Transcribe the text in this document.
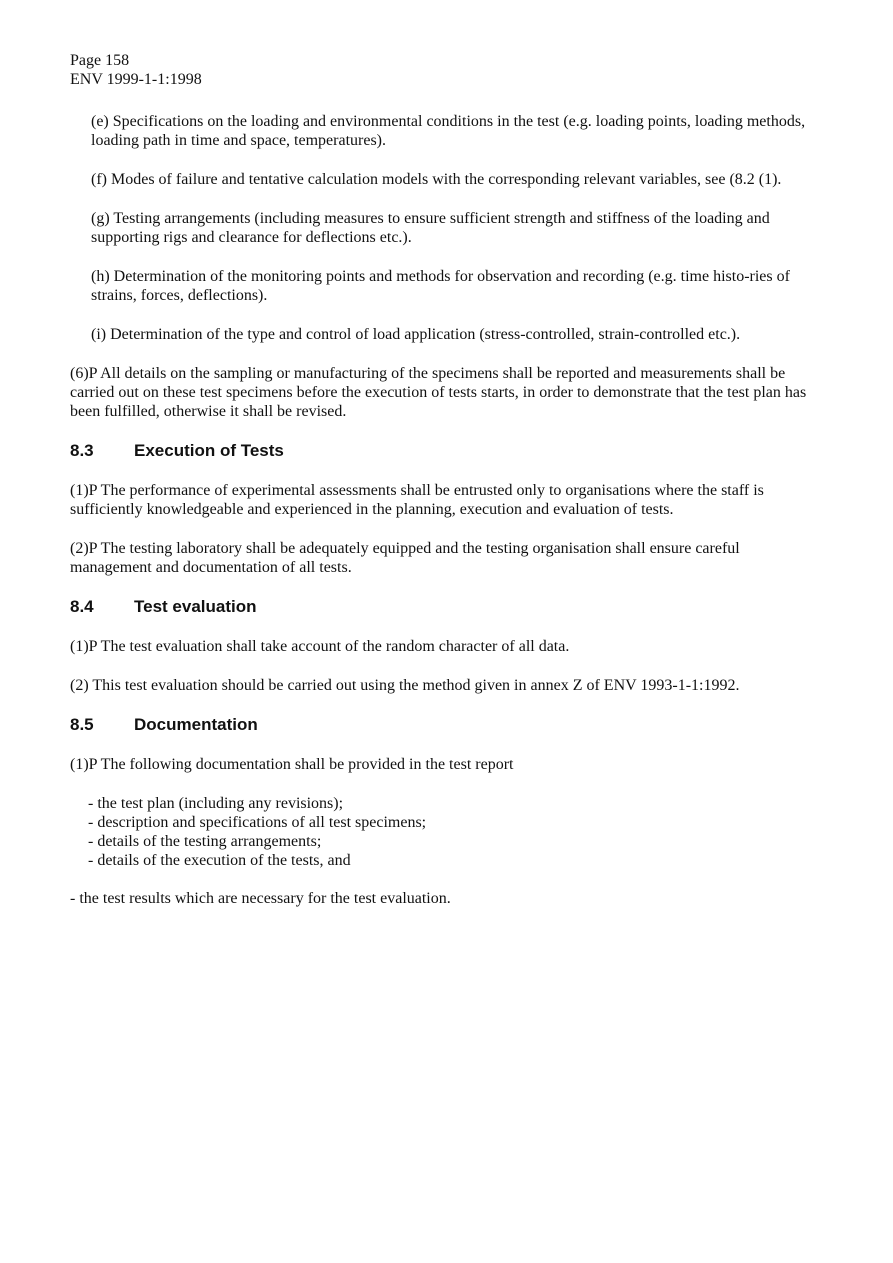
Page 158
ENV 1999-1-1:1998

(e) Specifications on the loading and environmental conditions in the test (e.g. loading points, loading methods, loading path in time and space, temperatures).

(f) Modes of failure and tentative calculation models with the corresponding relevant variables, see (8.2 (1).

(g) Testing arrangements (including measures to ensure sufficient strength and stiffness of the loading and supporting rigs and clearance for deflections etc.).

(h) Determination of the monitoring points and methods for observation and recording (e.g. time histo-ries of strains, forces, deflections).

(i) Determination of the type and control of load application (stress-controlled, strain-controlled etc.).

(6)P All details on the sampling or manufacturing of the specimens shall be reported and measurements shall be carried out on these test specimens before the execution of tests starts, in order to demonstrate that the test plan has been fulfilled, otherwise it shall be revised.

8.3	Execution of Tests

(1)P The performance of experimental assessments shall be entrusted only to organisations where the staff is sufficiently knowledgeable and experienced in the planning, execution and evaluation of tests.

(2)P The testing laboratory shall be adequately equipped and the testing organisation shall ensure careful management and documentation of all tests.

8.4	Test evaluation

(1)P The test evaluation shall take account of the random character of all data.

(2) This test evaluation should be carried out using the method given in annex Z of ENV 1993-1-1:1992.

8.5	Documentation

(1)P The following documentation shall be provided in the test report

- the test plan (including any revisions);
- description and specifications of all test specimens;
- details of the testing arrangements;
- details of the execution of the tests, and

- the test results which are necessary for the test evaluation.
